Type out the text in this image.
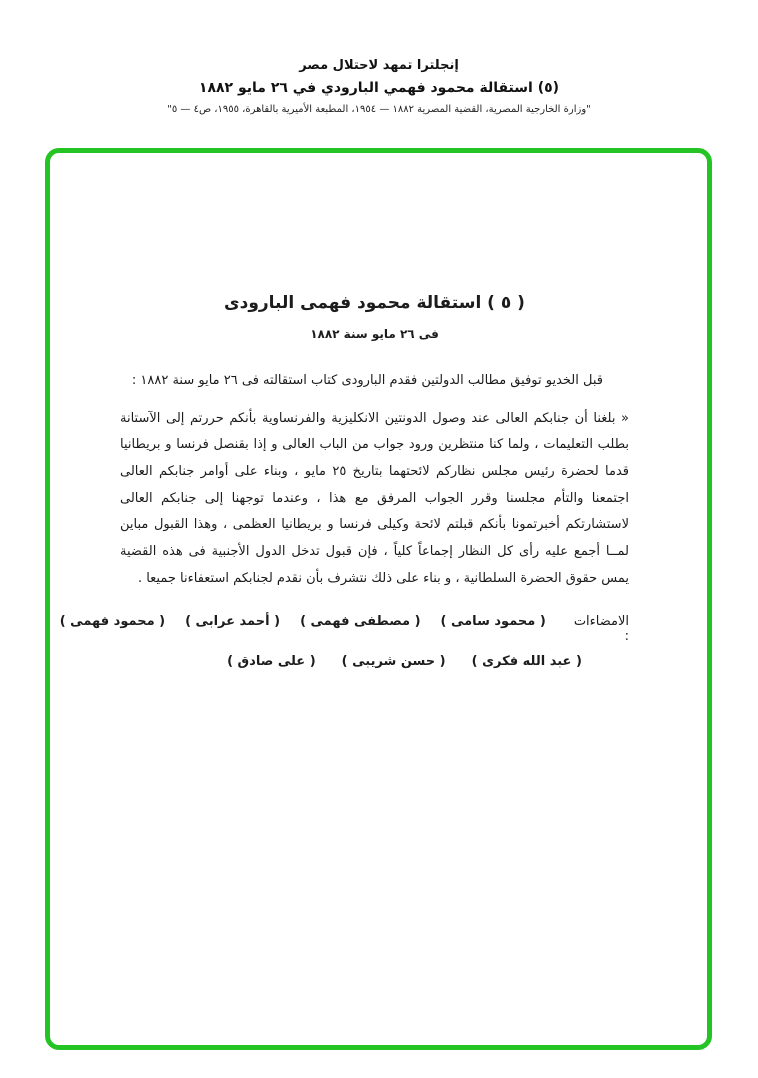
إنجلترا تمهد لاحتلال مصر
(٥) استقالة محمود فهمي البارودي في ٢٦ مايو ١٨٨٢
"وزارة الخارجية المصرية، القضية المصرية ١٨٨٢ — ١٩٥٤، المطبعة الأميرية بالقاهرة، ١٩٥٥، ص٤ — ٥"
( ٥ ) استقالة محمود فهمى البارودى
فى ٢٦ مايو سنة ١٨٨٢

قبل الخديو توفيق مطالب الدولتين فقدم البارودى كتاب استقالته فى ٢٦ مايو سنة ١٨٨٢ :

« بلغنا أن جنابكم العالى عند وصول الدونتين الانكليزية والفرنساوية بأنكم حررتم إلى الآستانة بطلب التعليمات ، ولما كنا منتظرين ورود جواب من الباب العالى و إذا بقنصل فرنسا و بريطانيا قدما لحضرة رئيس مجلس نظاركم لائحتهما بتاريخ ٢٥ مايو ، وبناء على أوامر جنابكم العالى اجتمعنا والتأم مجلسنا وقرر الجواب المرفق مع هذا ، وعندما توجهنا إلى جنابكم العالى لاستشارتكم أخبرتمونا بأنكم قبلتم لائحة وكيلى فرنسا و بريطانيا العظمى ، وهذا القبول مباين لمــا أجمع عليه رأى كل النظار إجماعاً كلياً ، فإن قبول تدخل الدول الأجنبية فى هذه القضية يمس حقوق الحضرة السلطانية ، و بناء على ذلك نتشرف بأن نقدم لجنابكم استعفاءنا جميعا .

الامضاءات :
( محمود سامى )
( مصطفى فهمى )
( أحمد عرابى )
( محمود فهمى )
( عبد الله فكرى )
( حسن شريبى )
( على صادق )
